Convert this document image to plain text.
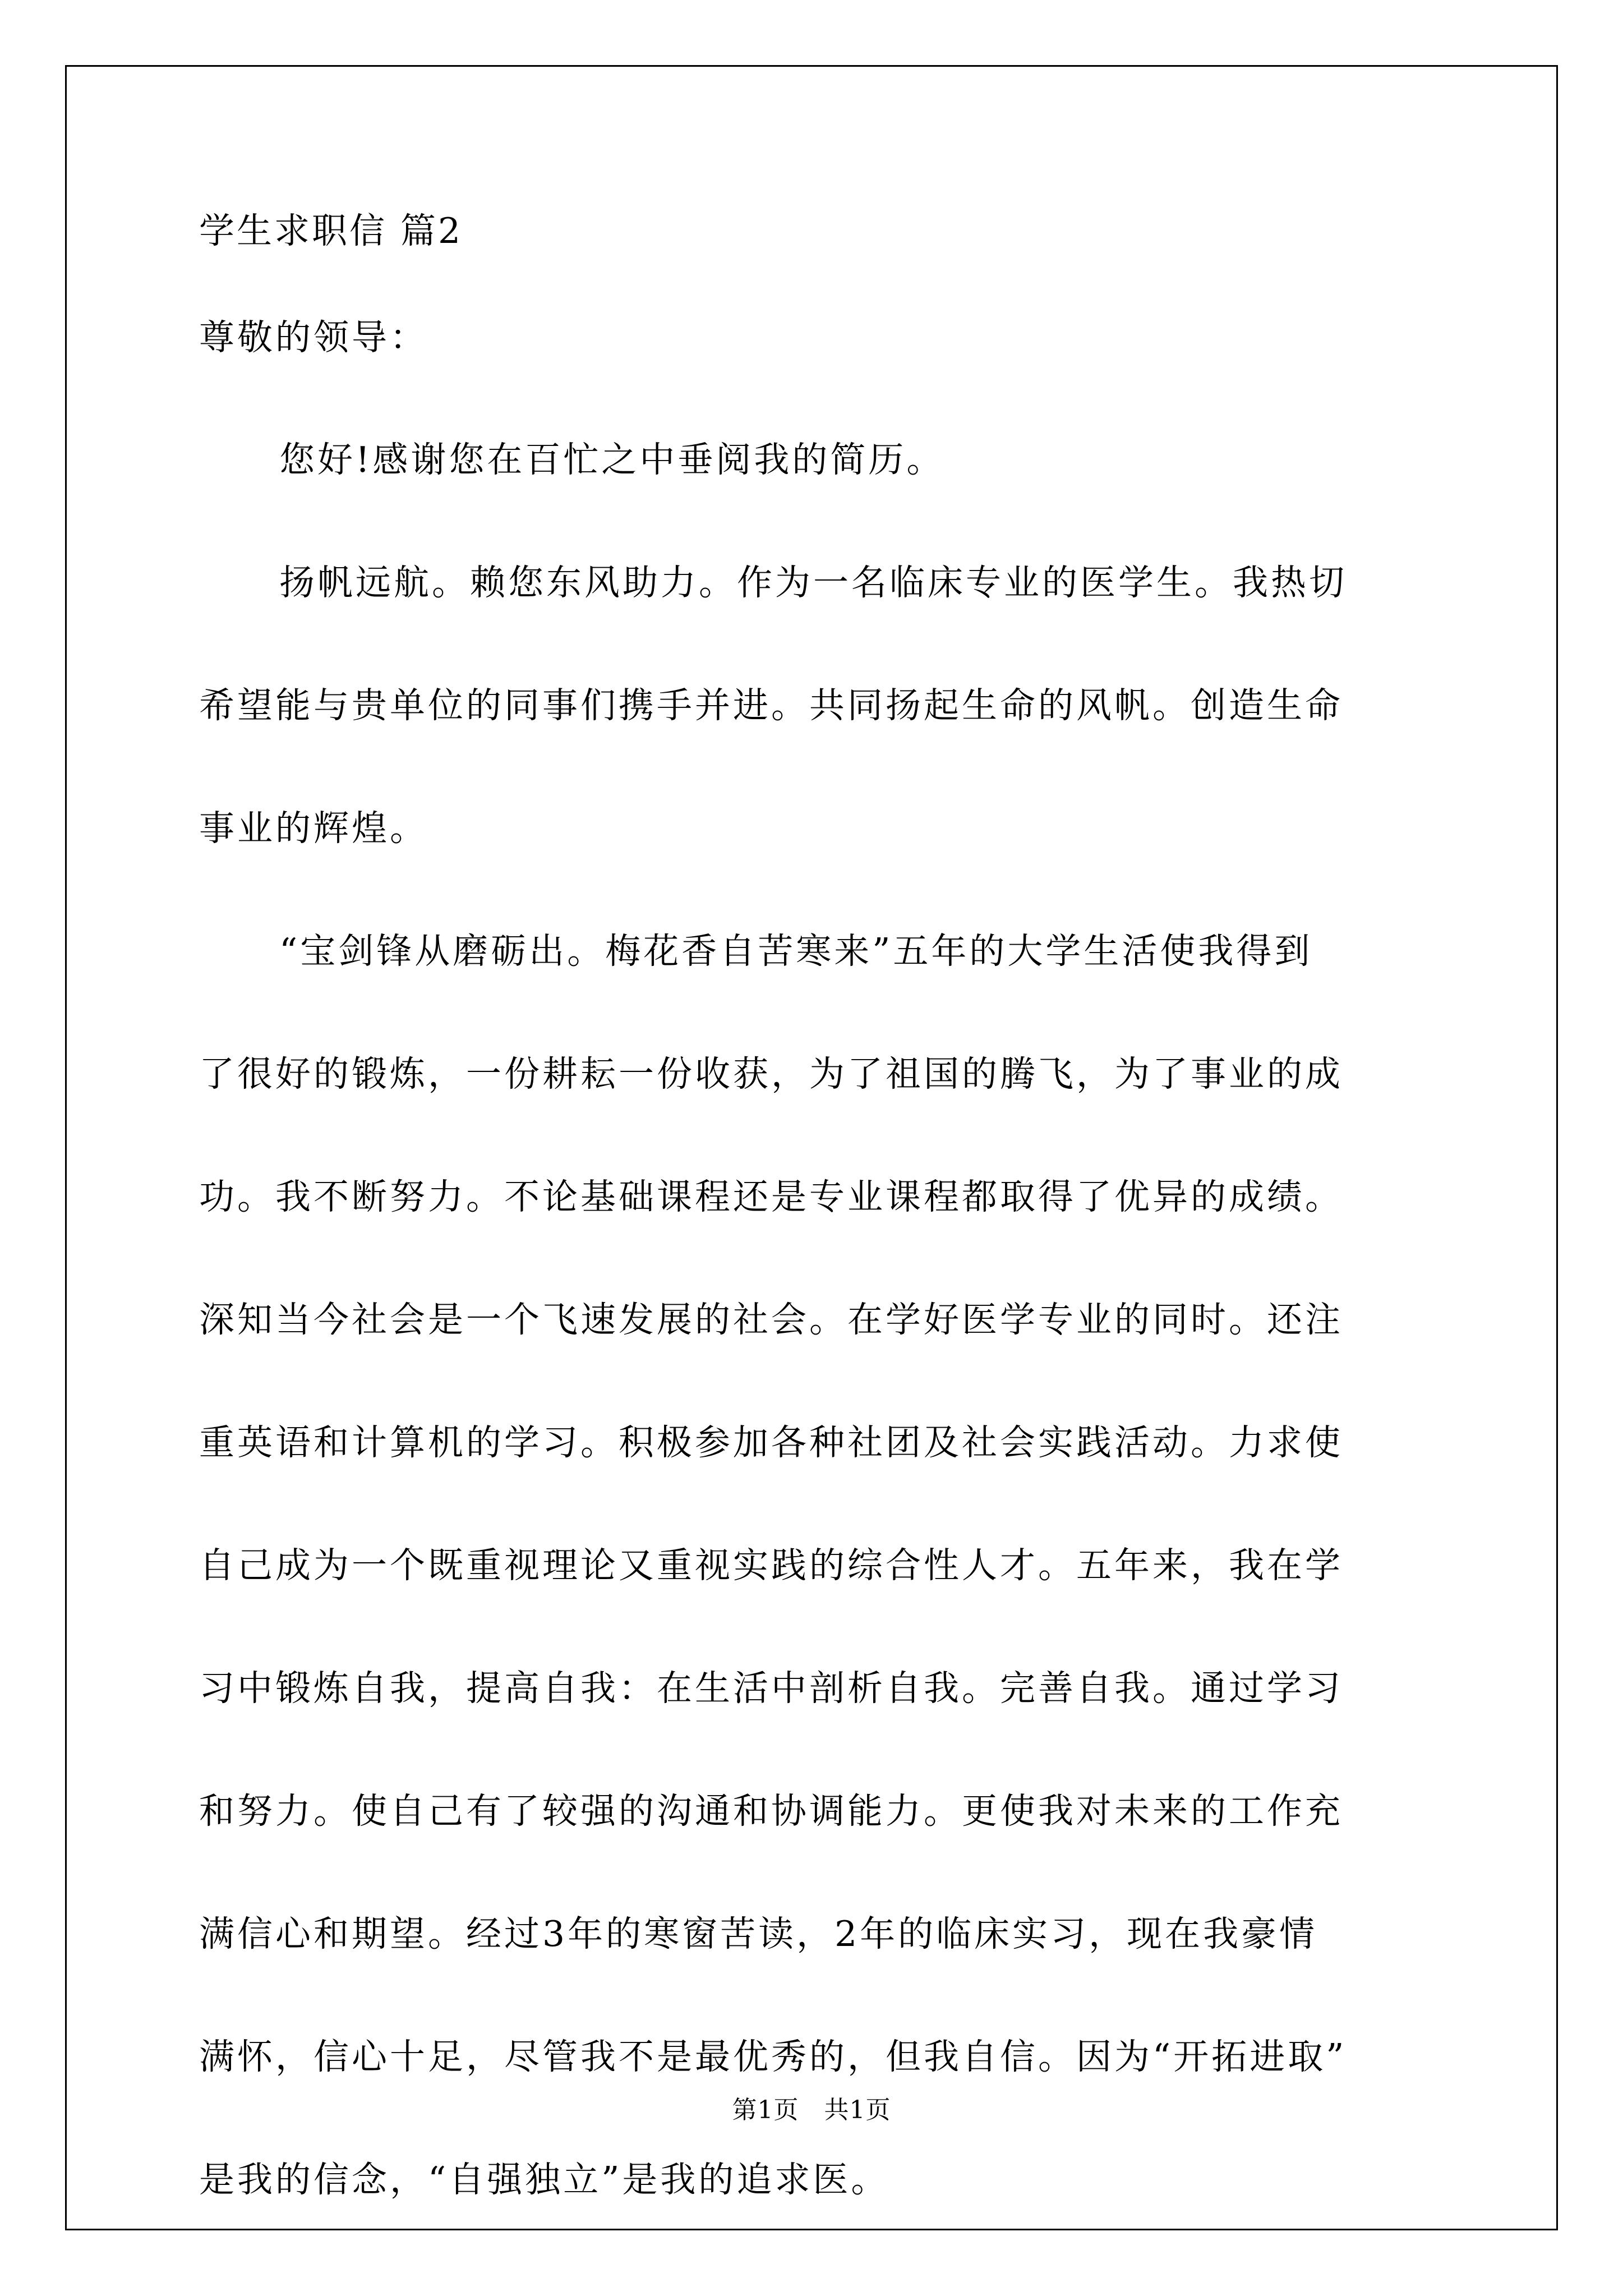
学生求职信 篇2

尊敬的领导：

您好!感谢您在百忙之中垂阅我的简历。

扬帆远航。赖您东风助力。作为一名临床专业的医学生。我热切

希望能与贵单位的同事们携手并进。共同扬起生命的风帆。创造生命

事业的辉煌。

“宝剑锋从磨砺出。梅花香自苦寒来”五年的大学生活使我得到

了很好的锻炼，一份耕耘一份收获，为了祖国的腾飞，为了事业的成

功。我不断努力。不论基础课程还是专业课程都取得了优异的成绩。

深知当今社会是一个飞速发展的社会。在学好医学专业的同时。还注

重英语和计算机的学习。积极参加各种社团及社会实践活动。力求使

自己成为一个既重视理论又重视实践的综合性人才。五年来，我在学

习中锻炼自我，提高自我：在生活中剖析自我。完善自我。通过学习

和努力。使自己有了较强的沟通和协调能力。更使我对未来的工作充

满信心和期望。经过3年的寒窗苦读，2年的临床实习，现在我豪情

满怀，信心十足，尽管我不是最优秀的，但我自信。因为“开拓进取”

是我的信念，“自强独立”是我的追求医。

第1页　共1页
